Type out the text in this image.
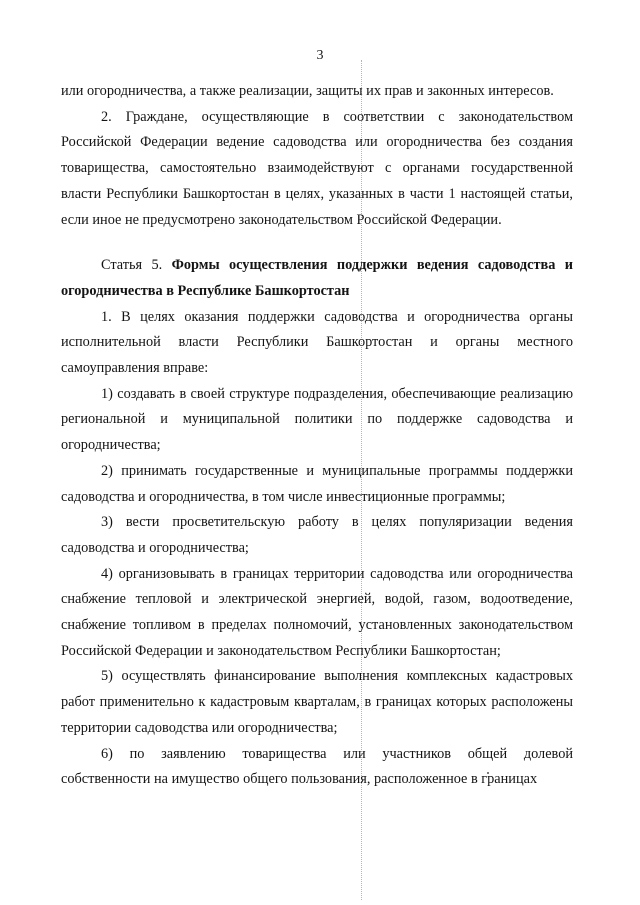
3

или огородничества, а также реализации, защиты их прав и законных интересов.

2. Граждане, осуществляющие в соответствии с законодательством Российской Федерации ведение садоводства или огородничества без создания товарищества, самостоятельно взаимодействуют с органами государственной власти Республики Башкортостан в целях, указанных в части 1 настоящей статьи, если иное не предусмотрено законодательством Российской Федерации.

Статья 5. Формы осуществления поддержки ведения садоводства и огородничества в Республике Башкортостан

1. В целях оказания поддержки садоводства и огородничества органы исполнительной власти Республики Башкортостан и органы местного самоуправления вправе:

1) создавать в своей структуре подразделения, обеспечивающие реализацию региональной и муниципальной политики по поддержке садоводства и огородничества;

2) принимать государственные и муниципальные программы поддержки садоводства и огородничества, в том числе инвестиционные программы;

3) вести просветительскую работу в целях популяризации ведения садоводства и огородничества;

4) организовывать в границах территории садоводства или огородничества снабжение тепловой и электрической энергией, водой, газом, водоотведение, снабжение топливом в пределах полномочий, установленных законодательством Российской Федерации и законодательством Республики Башкортостан;

5) осуществлять финансирование выполнения комплексных кадастровых работ применительно к кадастровым кварталам, в границах которых расположены территории садоводства или огородничества;

6) по заявлению товарищества или участников общей долевой собственности на имущество общего пользования, расположенное в границах
